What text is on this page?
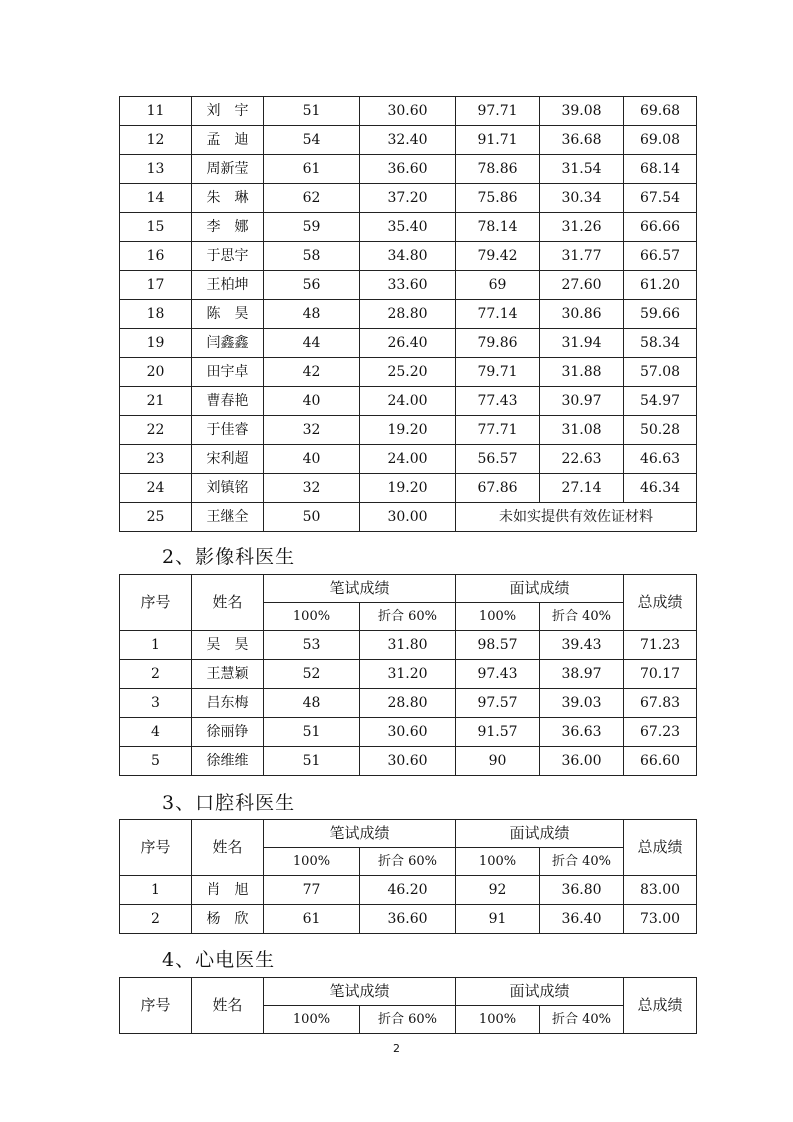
11	刘　宇	51	30.60	97.71	39.08	69.68
12	孟　迪	54	32.40	91.71	36.68	69.08
13	周新莹	61	36.60	78.86	31.54	68.14
14	朱　琳	62	37.20	75.86	30.34	67.54
15	李　娜	59	35.40	78.14	31.26	66.66
16	于思宇	58	34.80	79.42	31.77	66.57
17	王柏坤	56	33.60	69	27.60	61.20
18	陈　昊	48	28.80	77.14	30.86	59.66
19	闫鑫鑫	44	26.40	79.86	31.94	58.34
20	田宇卓	42	25.20	79.71	31.88	57.08
21	曹春艳	40	24.00	77.43	30.97	54.97
22	于佳睿	32	19.20	77.71	31.08	50.28
23	宋利超	40	24.00	56.57	22.63	46.63
24	刘镇铭	32	19.20	67.86	27.14	46.34
25	王继全	50	30.00	未如实提供有效佐证材料		
2、影像科医生
序号	姓名	笔试成绩		面试成绩		总成绩
		100%	折合 60%	100%	折合 40%	
1	吴　昊	53	31.80	98.57	39.43	71.23
2	王慧颖	52	31.20	97.43	38.97	70.17
3	吕东梅	48	28.80	97.57	39.03	67.83
4	徐丽铮	51	30.60	91.57	36.63	67.23
5	徐维维	51	30.60	90	36.00	66.60
3、口腔科医生
序号	姓名	笔试成绩		面试成绩		总成绩
		100%	折合 60%	100%	折合 40%	
1	肖　旭	77	46.20	92	36.80	83.00
2	杨　欣	61	36.60	91	36.40	73.00
4、心电医生
序号	姓名	笔试成绩		面试成绩		总成绩
		100%	折合 60%	100%	折合 40%	
2
